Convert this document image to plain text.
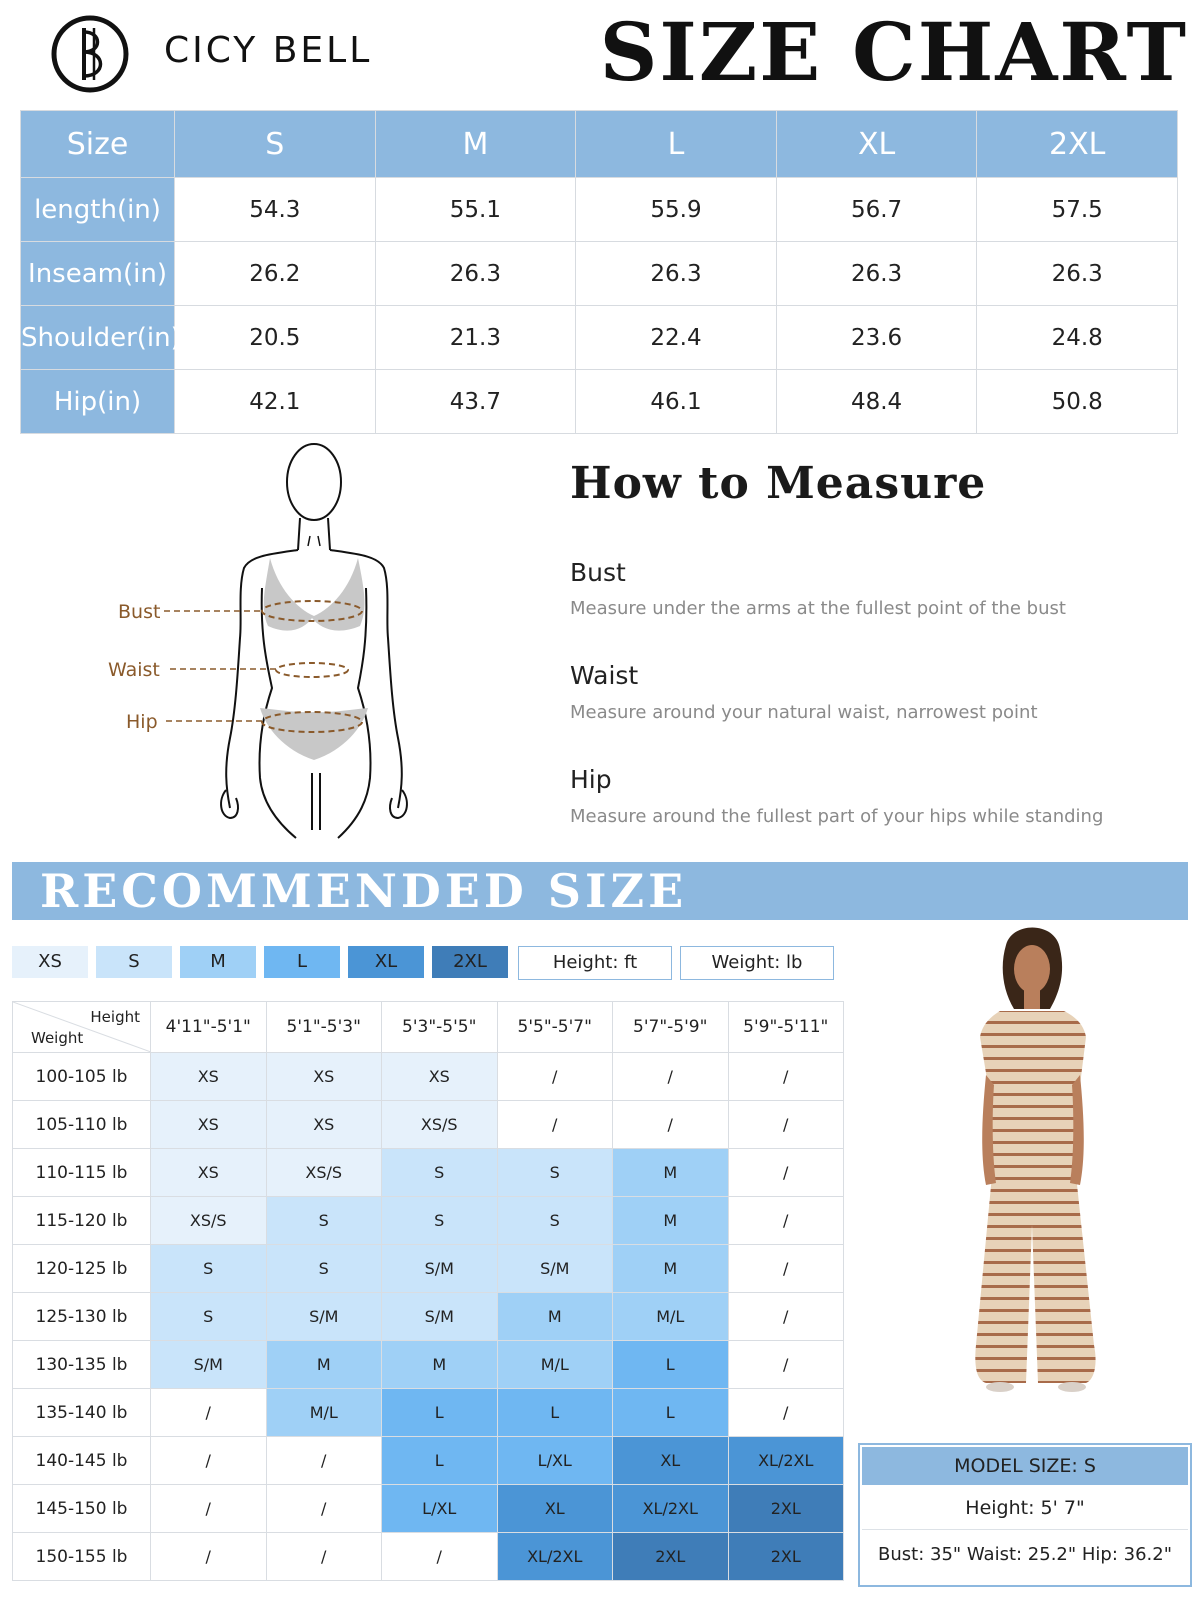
CICY BELL	SIZE CHART
Size	S	M	L	XL	2XL
length(in)	54.3	55.1	55.9	56.7	57.5
Inseam(in)	26.2	26.3	26.3	26.3	26.3
Shoulder(in)	20.5	21.3	22.4	23.6	24.8
Hip(in)	42.1	43.7	46.1	48.4	50.8
Bust
Waist
Hip
How to Measure
Bust
Measure under the arms at the fullest point of the bust
Waist
Measure around your natural waist, narrowest point
Hip
Measure around the fullest part of your hips while standing
RECOMMENDED SIZE
XS	S	M	L	XL	2XL	Height: ft	Weight: lb
Height
Weight	4'11"-5'1"	5'1"-5'3"	5'3"-5'5"	5'5"-5'7"	5'7"-5'9"	5'9"-5'11"
100-105 lb	XS	XS	XS	/	/	/
105-110 lb	XS	XS	XS/S	/	/	/
110-115 lb	XS	XS/S	S	S	M	/
115-120 lb	XS/S	S	S	S	M	/
120-125 lb	S	S	S/M	S/M	M	/
125-130 lb	S	S/M	S/M	M	M/L	/
130-135 lb	S/M	M	M	M/L	L	/
135-140 lb	/	M/L	L	L	L	/
140-145 lb	/	/	L	L/XL	XL	XL/2XL
145-150 lb	/	/	L/XL	XL	XL/2XL	2XL
150-155 lb	/	/	/	XL/2XL	2XL	2XL
MODEL SIZE: S
Height: 5' 7"
Bust: 35" Waist: 25.2" Hip: 36.2"
